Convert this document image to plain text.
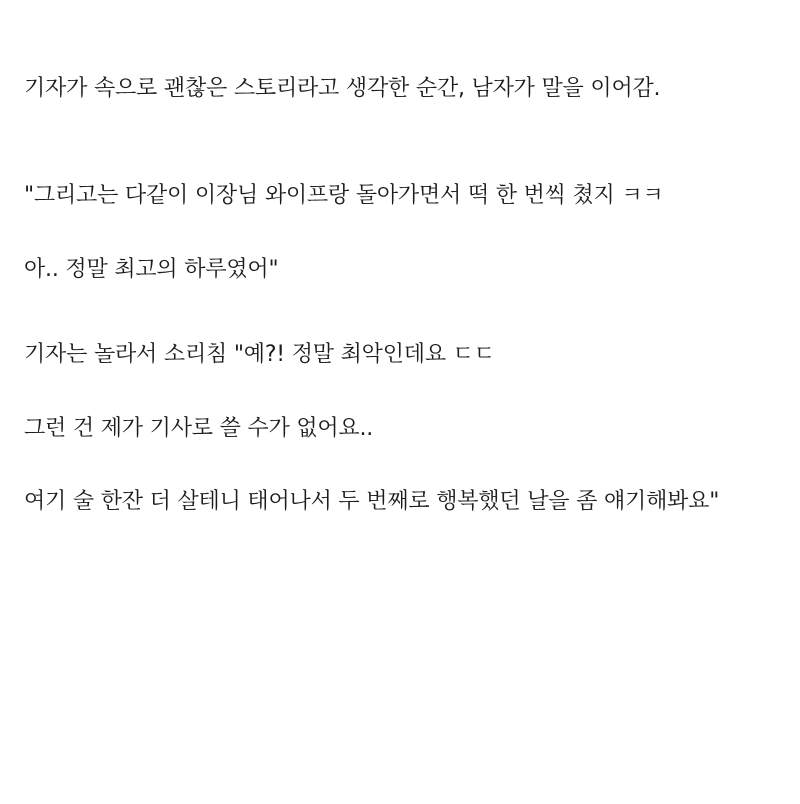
기자가 속으로 괜찮은 스토리라고 생각한 순간, 남자가 말을 이어감.
"그리고는 다같이 이장님 와이프랑 돌아가면서 떡 한 번씩 쳤지 ㅋㅋ
아.. 정말 최고의 하루였어"
기자는 놀라서 소리침 "예?! 정말 최악인데요 ㄷㄷ
그런 건 제가 기사로 쓸 수가 없어요..
여기 술 한잔 더 살테니 태어나서 두 번째로 행복했던 날을 좀 얘기해봐요"
